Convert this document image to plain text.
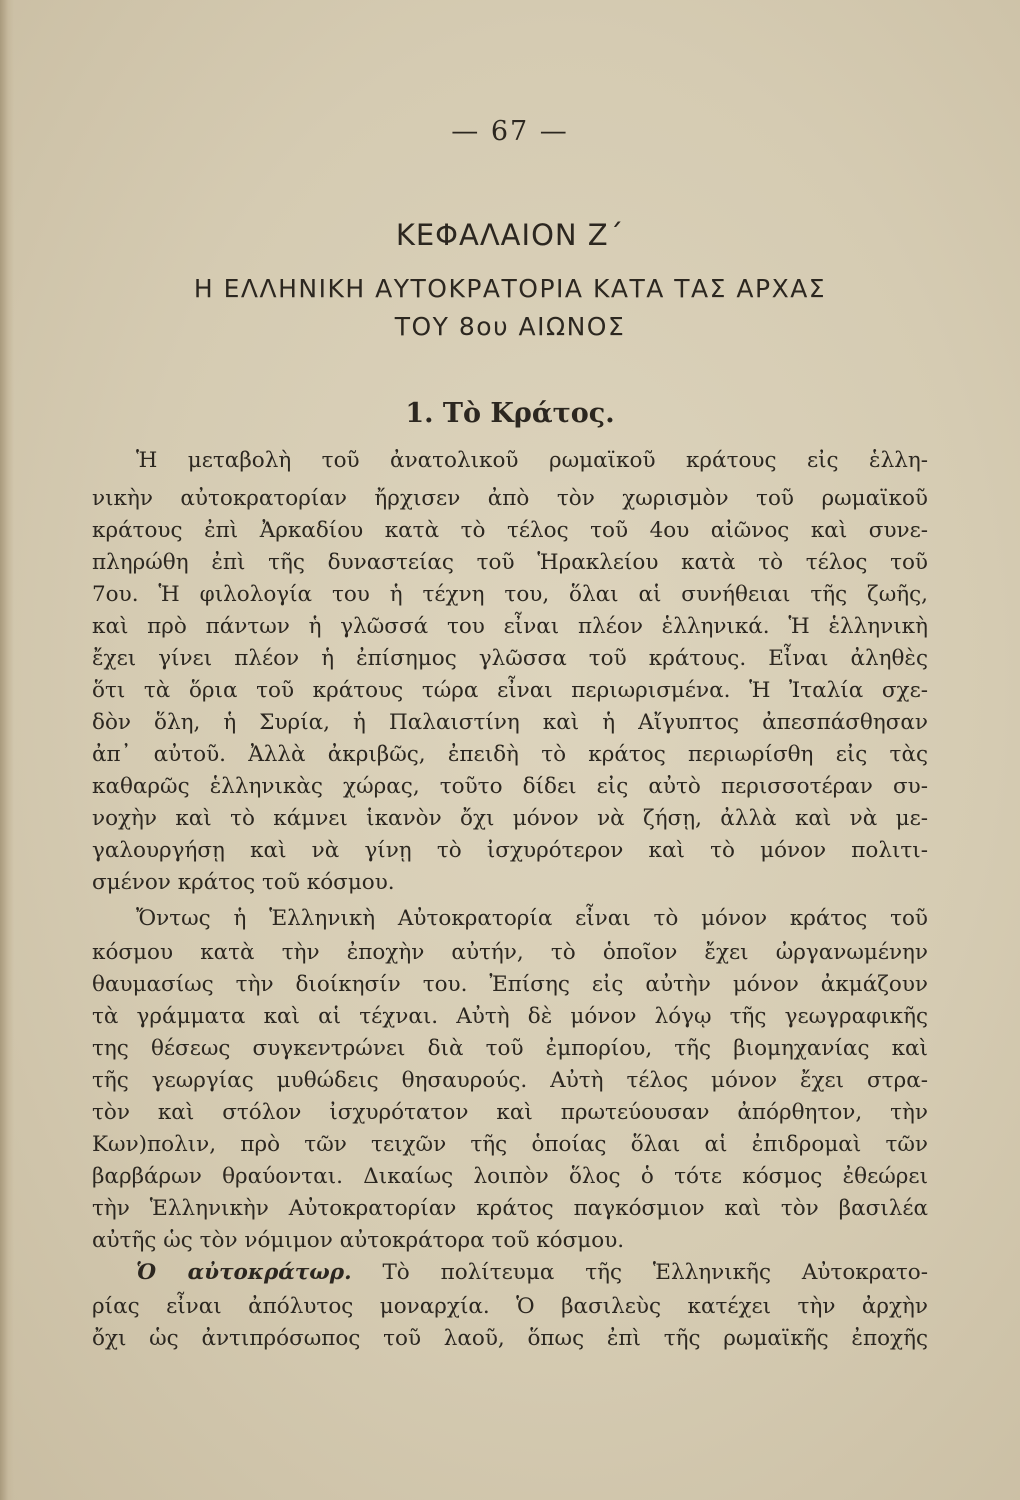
— 67 —
ΚΕΦΑΛΑΙΟΝ Ζ΄
Η ΕΛΛΗΝΙΚΗ ΑΥΤΟΚΡΑΤΟΡΙΑ ΚΑΤΑ ΤΑΣ ΑΡΧΑΣ
ΤΟΥ 8ου ΑΙΩΝΟΣ
1. Τὸ Κράτος.
Ἡ μεταβολὴ τοῦ ἀνατολικοῦ ρωμαϊκοῦ κράτους εἰς ἑλλη-
νικὴν αὐτοκρατορίαν ἤρχισεν ἀπὸ τὸν χωρισμὸν τοῦ ρωμαϊκοῦ
κράτους ἐπὶ Ἀρκαδίου κατὰ τὸ τέλος τοῦ 4ου αἰῶνος καὶ συνε-
πληρώθη ἐπὶ τῆς δυναστείας τοῦ Ἡρακλείου κατὰ τὸ τέλος τοῦ
7ου. Ἡ φιλολογία του ἡ τέχνη του, ὅλαι αἱ συνήθειαι τῆς ζωῆς,
καὶ πρὸ πάντων ἡ γλῶσσά του εἶναι πλέον ἑλληνικά. Ἡ ἑλληνικὴ
ἔχει γίνει πλέον ἡ ἐπίσημος γλῶσσα τοῦ κράτους. Εἶναι ἀληθὲς
ὅτι τὰ ὅρια τοῦ κράτους τώρα εἶναι περιωρισμένα. Ἡ Ἰταλία σχε-
δὸν ὅλη, ἡ Συρία, ἡ Παλαιστίνη καὶ ἡ Αἴγυπτος ἀπεσπάσθησαν
ἀπ᾽ αὐτοῦ. Ἀλλὰ ἀκριβῶς, ἐπειδὴ τὸ κράτος περιωρίσθη εἰς τὰς
καθαρῶς ἑλληνικὰς χώρας, τοῦτο δίδει εἰς αὐτὸ περισσοτέραν συ-
νοχὴν καὶ τὸ κάμνει ἱκανὸν ὄχι μόνον νὰ ζήσῃ, ἀλλὰ καὶ νὰ με-
γαλουργήσῃ καὶ νὰ γίνῃ τὸ ἰσχυρότερον καὶ τὸ μόνον πολιτι-
σμένον κράτος τοῦ κόσμου.
Ὄντως ἡ Ἑλληνικὴ Αὐτοκρατορία εἶναι τὸ μόνον κράτος τοῦ
κόσμου κατὰ τὴν ἐποχὴν αὐτήν, τὸ ὁποῖον ἔχει ὠργανωμένην
θαυμασίως τὴν διοίκησίν του. Ἐπίσης εἰς αὐτὴν μόνον ἀκμάζουν
τὰ γράμματα καὶ αἱ τέχναι. Αὐτὴ δὲ μόνον λόγῳ τῆς γεωγραφικῆς
της θέσεως συγκεντρώνει διὰ τοῦ ἐμπορίου, τῆς βιομηχανίας καὶ
τῆς γεωργίας μυθώδεις θησαυρούς. Αὐτὴ τέλος μόνον ἔχει στρα-
τὸν καὶ στόλον ἰσχυρότατον καὶ πρωτεύουσαν ἀπόρθητον, τὴν
Κων)πολιν, πρὸ τῶν τειχῶν τῆς ὁποίας ὅλαι αἱ ἐπιδρομαὶ τῶν
βαρβάρων θραύονται. Δικαίως λοιπὸν ὅλος ὁ τότε κόσμος ἐθεώρει
τὴν Ἑλληνικὴν Αὐτοκρατορίαν κράτος παγκόσμιον καὶ τὸν βασιλέα
αὐτῆς ὡς τὸν νόμιμον αὐτοκράτορα τοῦ κόσμου.
Ὁ αὐτοκράτωρ. Τὸ πολίτευμα τῆς Ἑλληνικῆς Αὐτοκρατο-
ρίας εἶναι ἀπόλυτος μοναρχία. Ὁ βασιλεὺς κατέχει τὴν ἀρχὴν
ὄχι ὡς ἀντιπρόσωπος τοῦ λαοῦ, ὅπως ἐπὶ τῆς ρωμαϊκῆς ἐποχῆς
